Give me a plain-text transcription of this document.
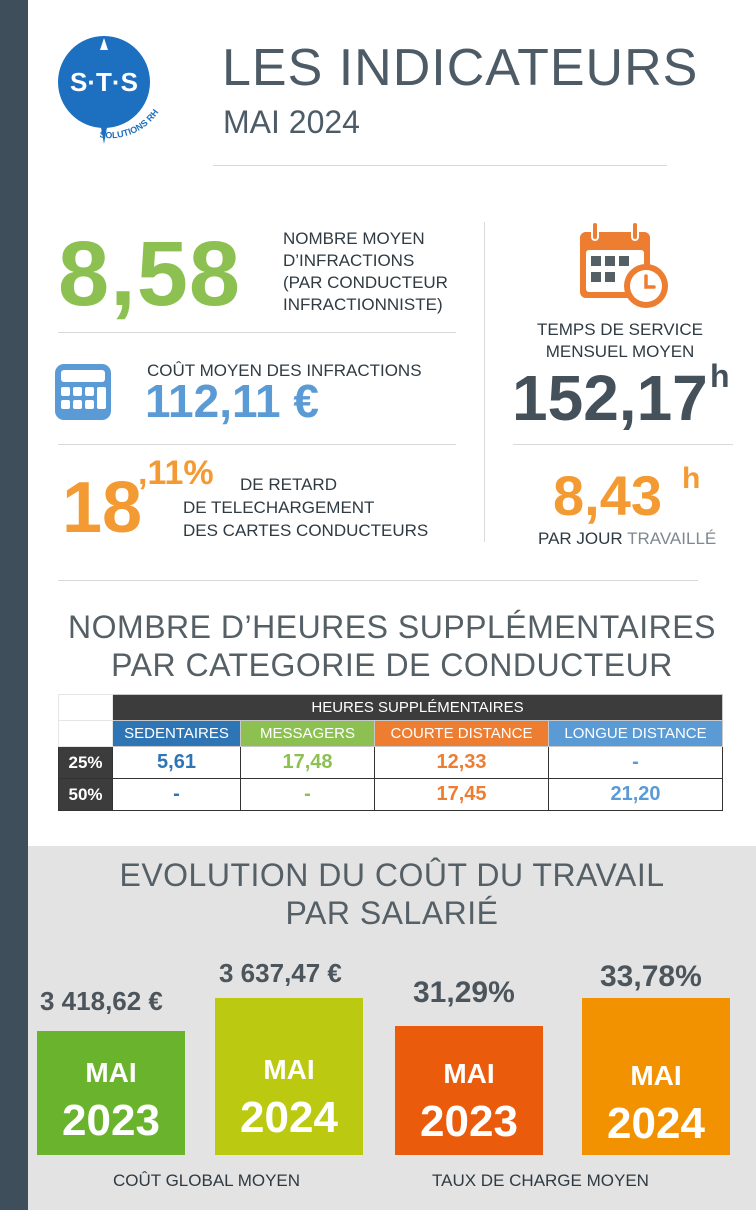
S·T·S
SOLUTIONS RH
LES INDICATEURS
MAI 2024
8,58 NOMBRE MOYEN
D’INFRACTIONS
(PAR CONDUCTEUR
INFRACTIONNISTE)
COÛT MOYEN DES INFRACTIONS
112,11 €
18
,11% DE RETARD
DE TELECHARGEMENT
DES CARTES CONDUCTEURS
TEMPS DE SERVICE
MENSUEL MOYEN
152,17 h
8,43 h
PAR JOUR TRAVAILLÉ
NOMBRE D’HEURES SUPPLÉMENTAIRES
PAR CATEGORIE DE CONDUCTEUR
	HEURES SUPPLÉMENTAIRES			
	SEDENTAIRES	MESSAGERS	COURTE DISTANCE	LONGUE DISTANCE
25%	5,61	17,48	12,33	-
50%	-	-	17,45	21,20
EVOLUTION DU COÛT DU TRAVAIL
PAR SALARIÉ
3 418,62 €
MAI
2023
3 637,47 €
MAI
2024
31,29%
MAI
2023
33,78%
MAI
2024
COÛT GLOBAL MOYEN	TAUX DE CHARGE MOYEN
